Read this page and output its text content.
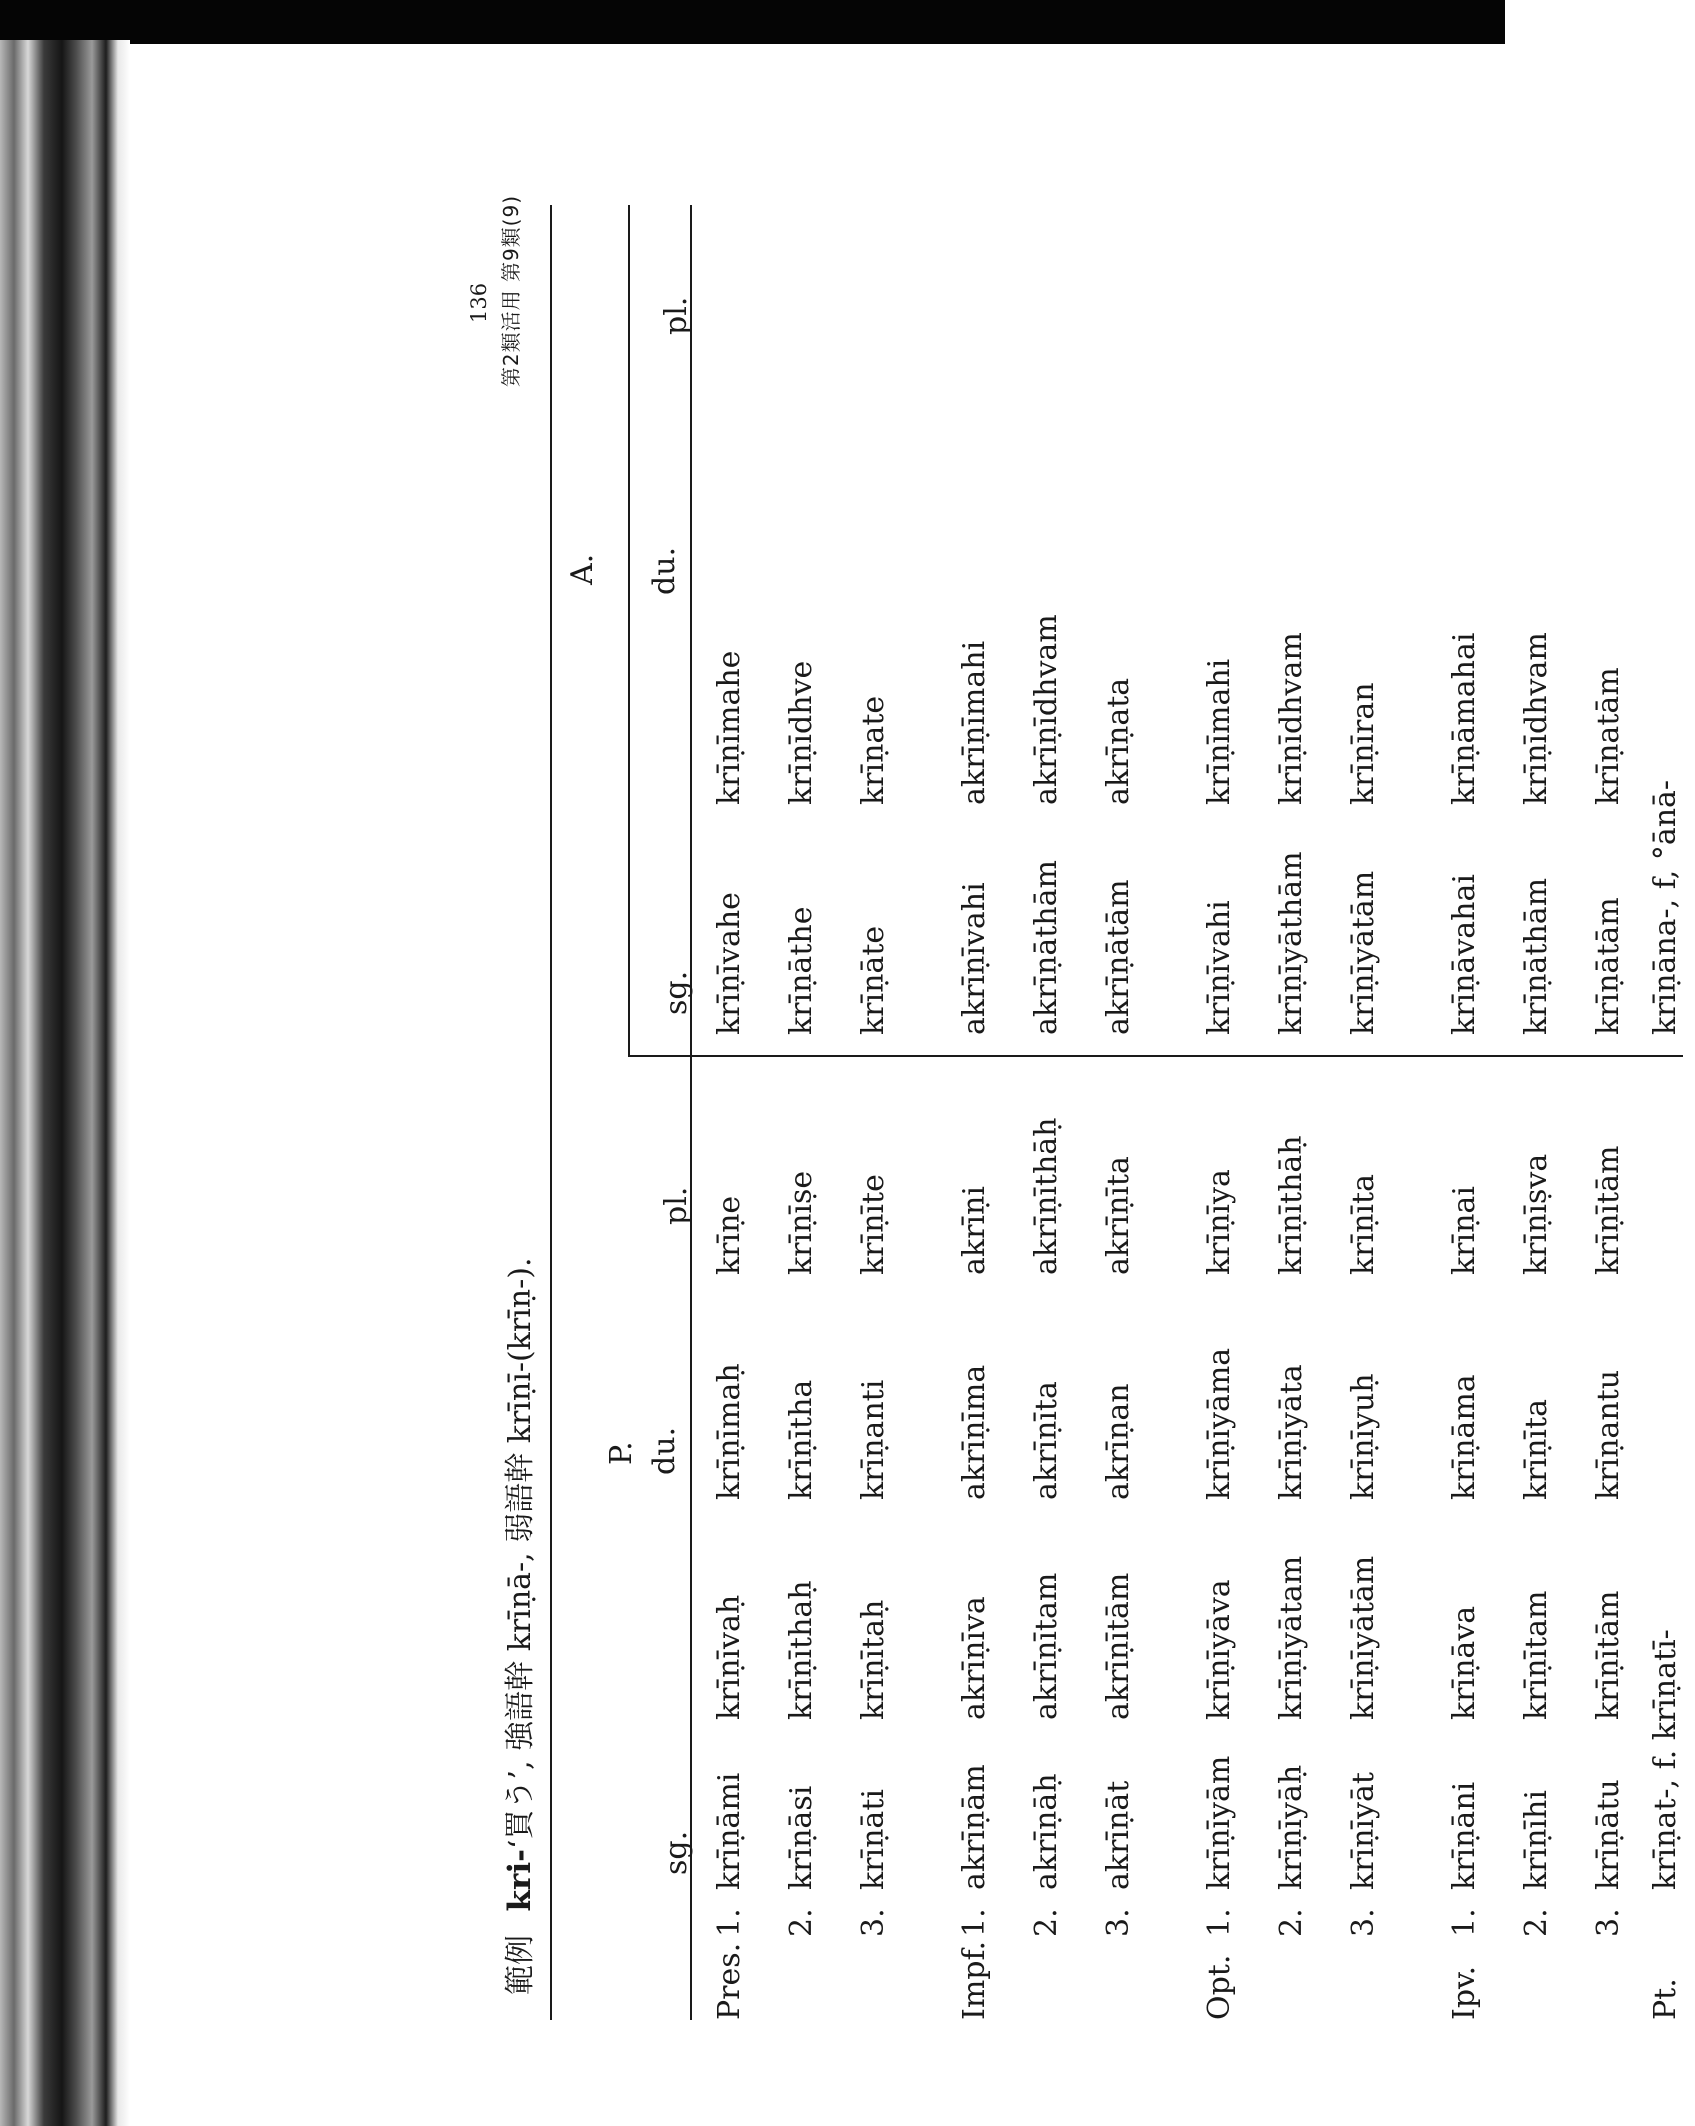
136 第2類活用 第9類(9)
範例 kri-‘買う’, 強語幹 krīṇā-, 弱語幹 krīṇī-(krīṇ-).
P.
A.
sg.
du.
pl.
sg.
du.
pl.
Pres.
1.
krīṇāmi
krīṇīvaḥ
krīṇīmaḥ
krīṇe
krīṇīvahe
krīṇīmahe
2.
krīṇāsi
krīṇīthaḥ
krīṇītha
krīṇīṣe
krīṇāthe
krīṇīdhve
3.
krīṇāti
krīṇītaḥ
krīṇanti
krīṇīte
krīṇāte
krīṇate
Impf.
1.
akrīṇām
akrīṇīva
akrīṇīma
akrīṇi
akrīṇīvahi
akrīṇīmahi
2.
akrīṇāḥ
akrīṇītam
akrīṇīta
akrīṇīthāḥ
akrīṇāthām
akrīṇīdhvam
3.
akrīṇāt
akrīṇītām
akrīṇan
akrīṇīta
akrīṇātām
akrīṇata
Opt.
1.
krīṇīyām
krīṇīyāva
krīṇīyāma
krīṇīya
krīṇīvahi
krīṇīmahi
2.
krīṇīyāḥ
krīṇīyātam
krīṇīyāta
krīṇīthāḥ
krīṇīyāthām
krīṇīdhvam
3.
krīṇīyāt
krīṇīyātām
krīṇīyuḥ
krīṇīta
krīṇīyātām
krīṇīran
Ipv.
1.
krīṇāni
krīṇāva
krīṇāma
krīṇai
krīṇāvahai
krīṇāmahai
2.
krīṇīhi
krīṇītam
krīṇīta
krīṇīṣva
krīṇāthām
krīṇīdhvam
3.
krīṇātu
krīṇītām
krīṇantu
krīṇītām
krīṇātām
krīṇatām
Pt.
krīṇat-, f. krīṇatī-
krīṇāna-, f, °ānā-
